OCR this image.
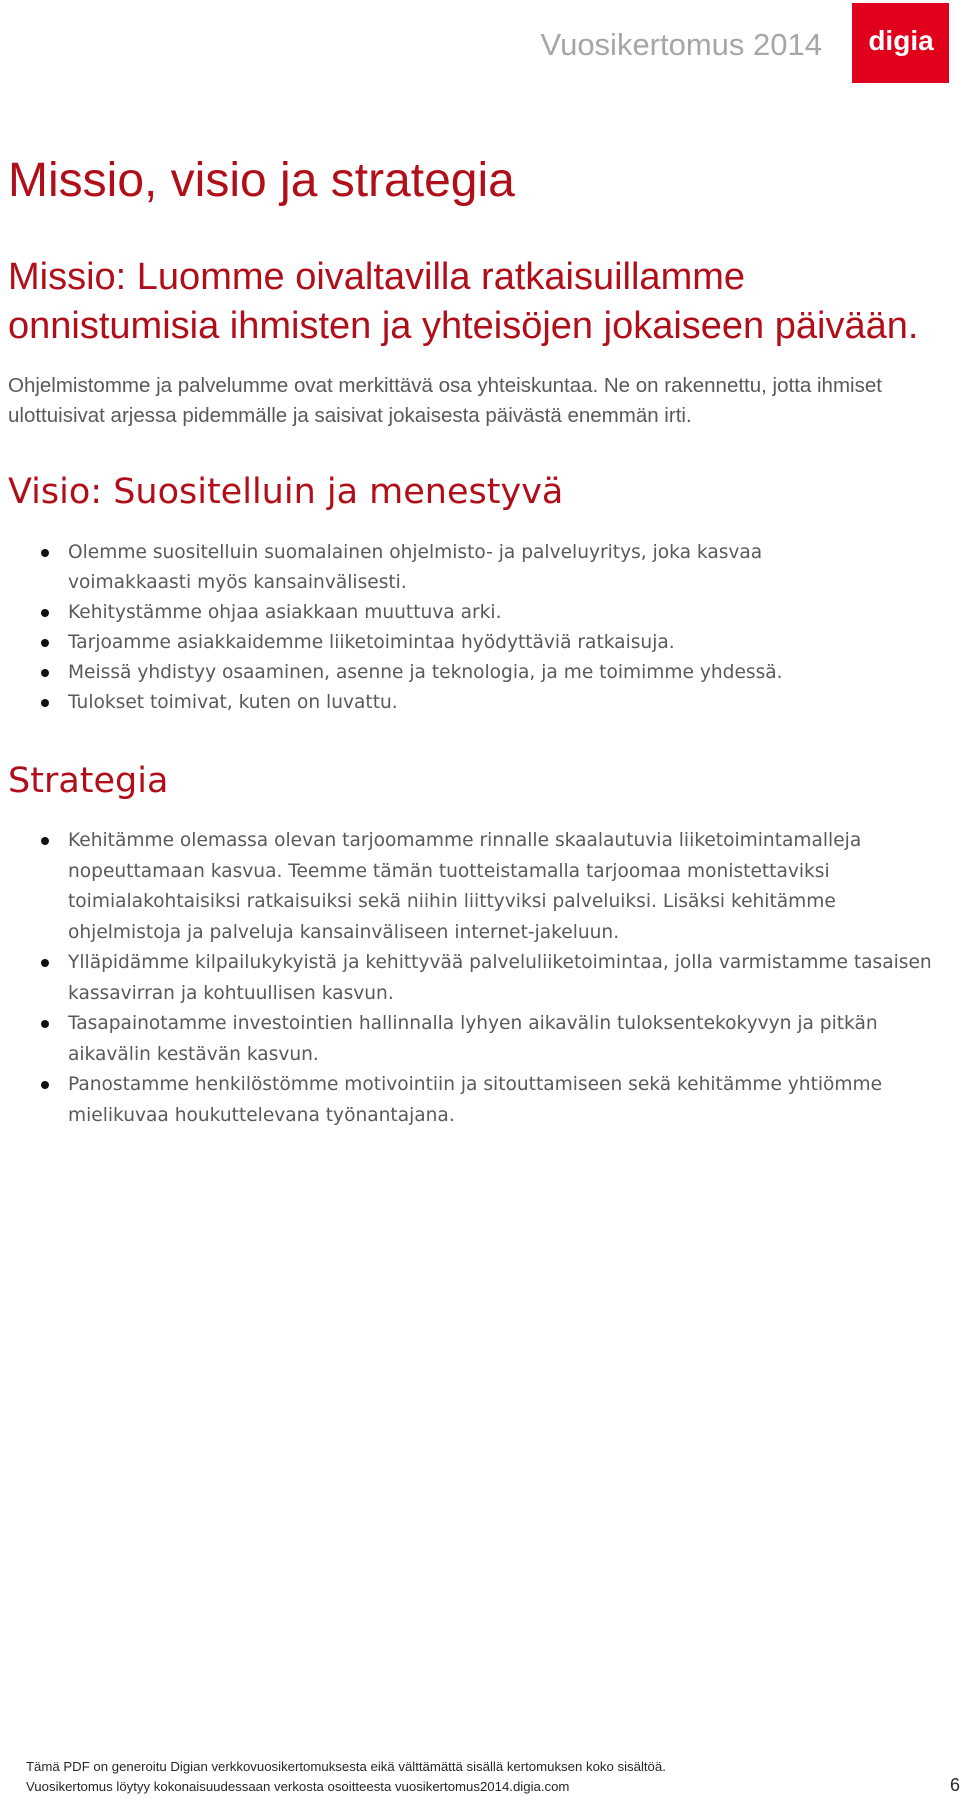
Vuosikertomus 2014 digia
Missio, visio ja strategia
Missio: Luomme oivaltavilla ratkaisuillamme
onnistumisia ihmisten ja yhteisöjen jokaiseen päivään.

Ohjelmistomme ja palvelumme ovat merkittävä osa yhteiskuntaa. Ne on rakennettu, jotta ihmiset ulottuisivat arjessa pidemmälle ja saisivat jokaisesta päivästä enemmän irti.

Visio: Suositelluin ja menestyvä
Olemme suositelluin suomalainen ohjelmisto- ja palveluyritys, joka kasvaa voimakkaasti myös kansainvälisesti.
Kehitystämme ohjaa asiakkaan muuttuva arki.
Tarjoamme asiakkaidemme liiketoimintaa hyödyttäviä ratkaisuja.
Meissä yhdistyy osaaminen, asenne ja teknologia, ja me toimimme yhdessä.
Tulokset toimivat, kuten on luvattu.
Strategia
Kehitämme olemassa olevan tarjoomamme rinnalle skaalautuvia liiketoimintamalleja nopeuttamaan kasvua. Teemme tämän tuotteistamalla tarjoomaa monistettaviksi toimialakohtaisiksi ratkaisuiksi sekä niihin liittyviksi palveluiksi. Lisäksi kehitämme ohjelmistoja ja palveluja kansainväliseen internet-jakeluun.
Ylläpidämme kilpailukykyistä ja kehittyvää palveluliiketoimintaa, jolla varmistamme tasaisen kassavirran ja kohtuullisen kasvun.
Tasapainotamme investointien hallinnalla lyhyen aikavälin tuloksentekokyvyn ja pitkän aikavälin kestävän kasvun.
Panostamme henkilöstömme motivointiin ja sitouttamiseen sekä kehitämme yhtiömme mielikuvaa houkuttelevana työnantajana.
Tämä PDF on generoitu Digian verkkovuosikertomuksesta eikä välttämättä sisällä kertomuksen koko sisältöä.
Vuosikertomus löytyy kokonaisuudessaan verkosta osoitteesta vuosikertomus2014.digia.com	6
